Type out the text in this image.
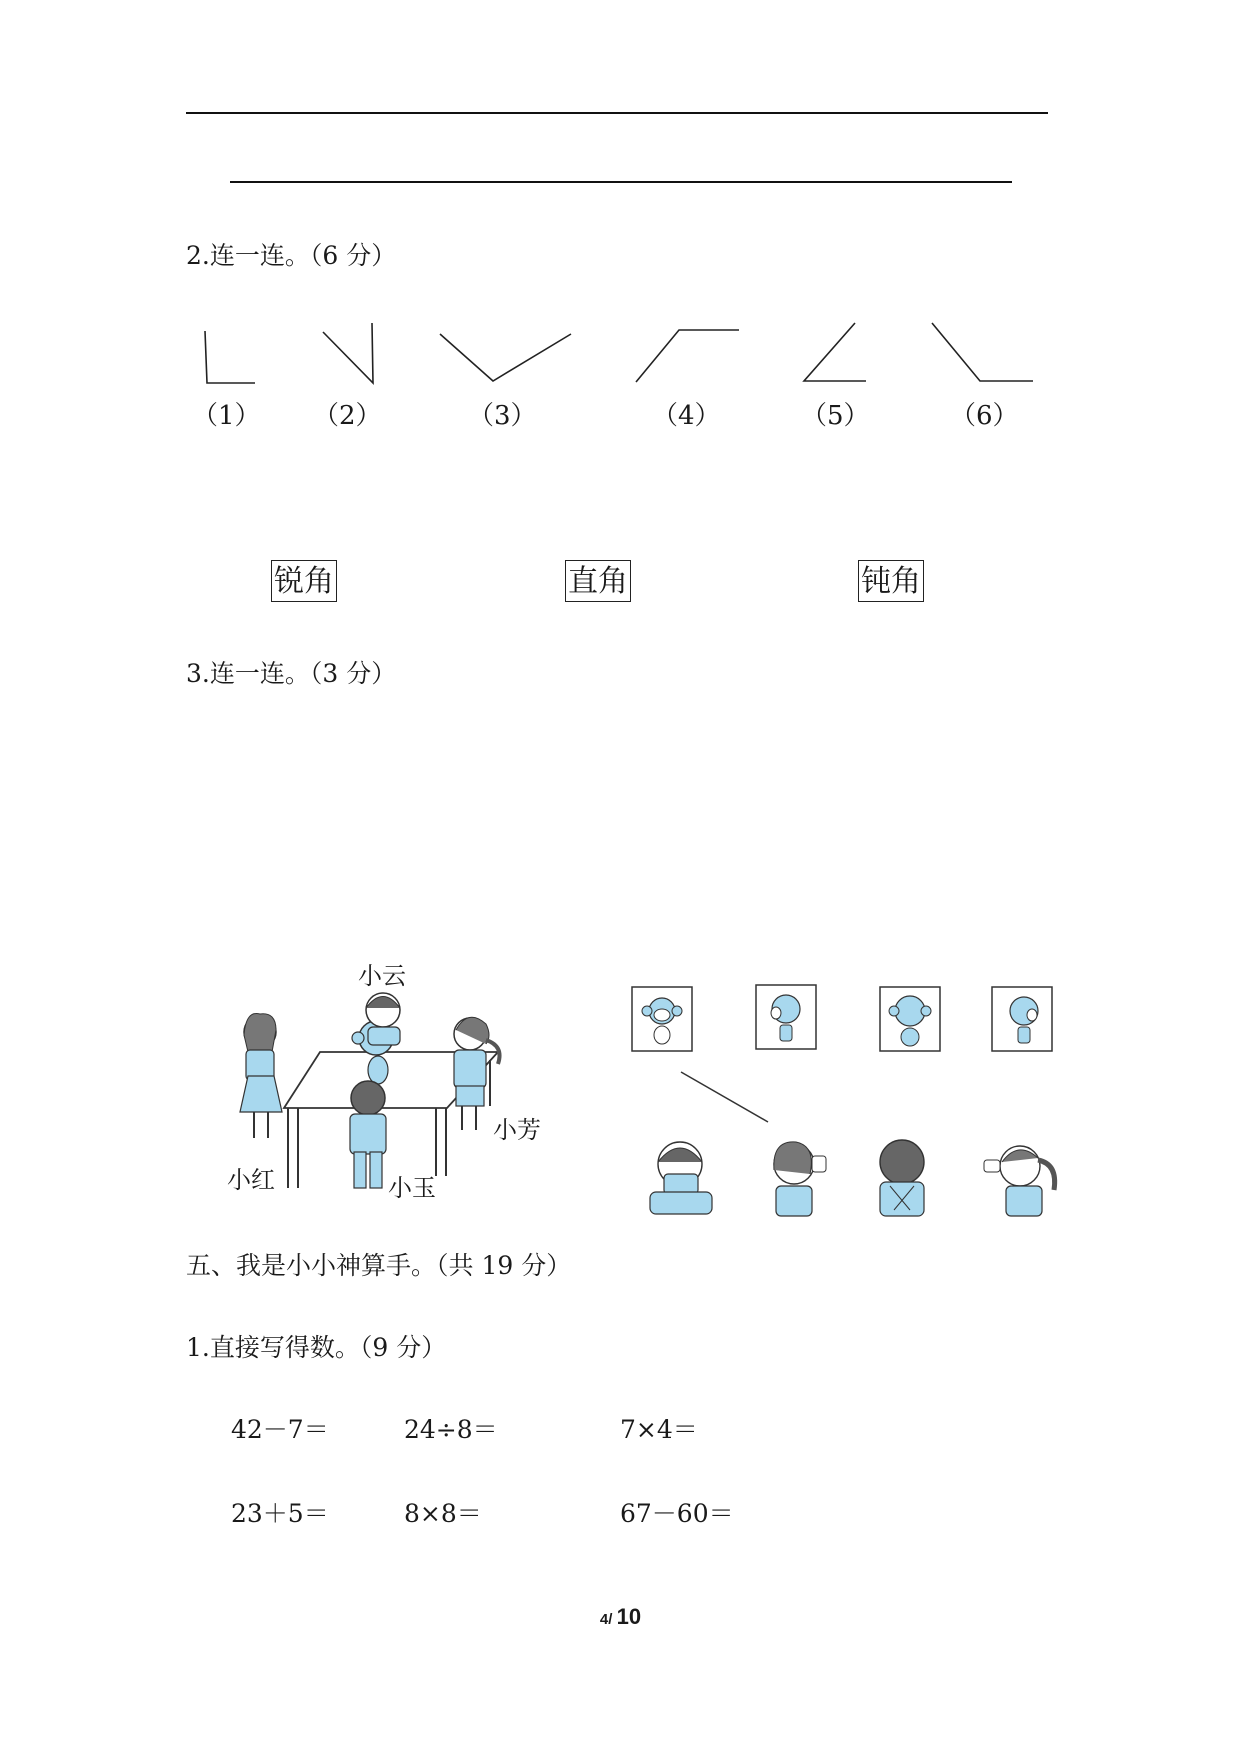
2.连一连。（6 分）
（1） （2）	（3）	（4）	（5）	（6）
锐角	直角	钝角
3.连一连。（3 分）
小云
小红	小玉
小芳
五、我是小小神算手。（共 19 分）
1.直接写得数。（9 分）
42－7＝	24÷8＝	7×4＝
23＋5＝	8×8＝	67－60＝
4/ 10
